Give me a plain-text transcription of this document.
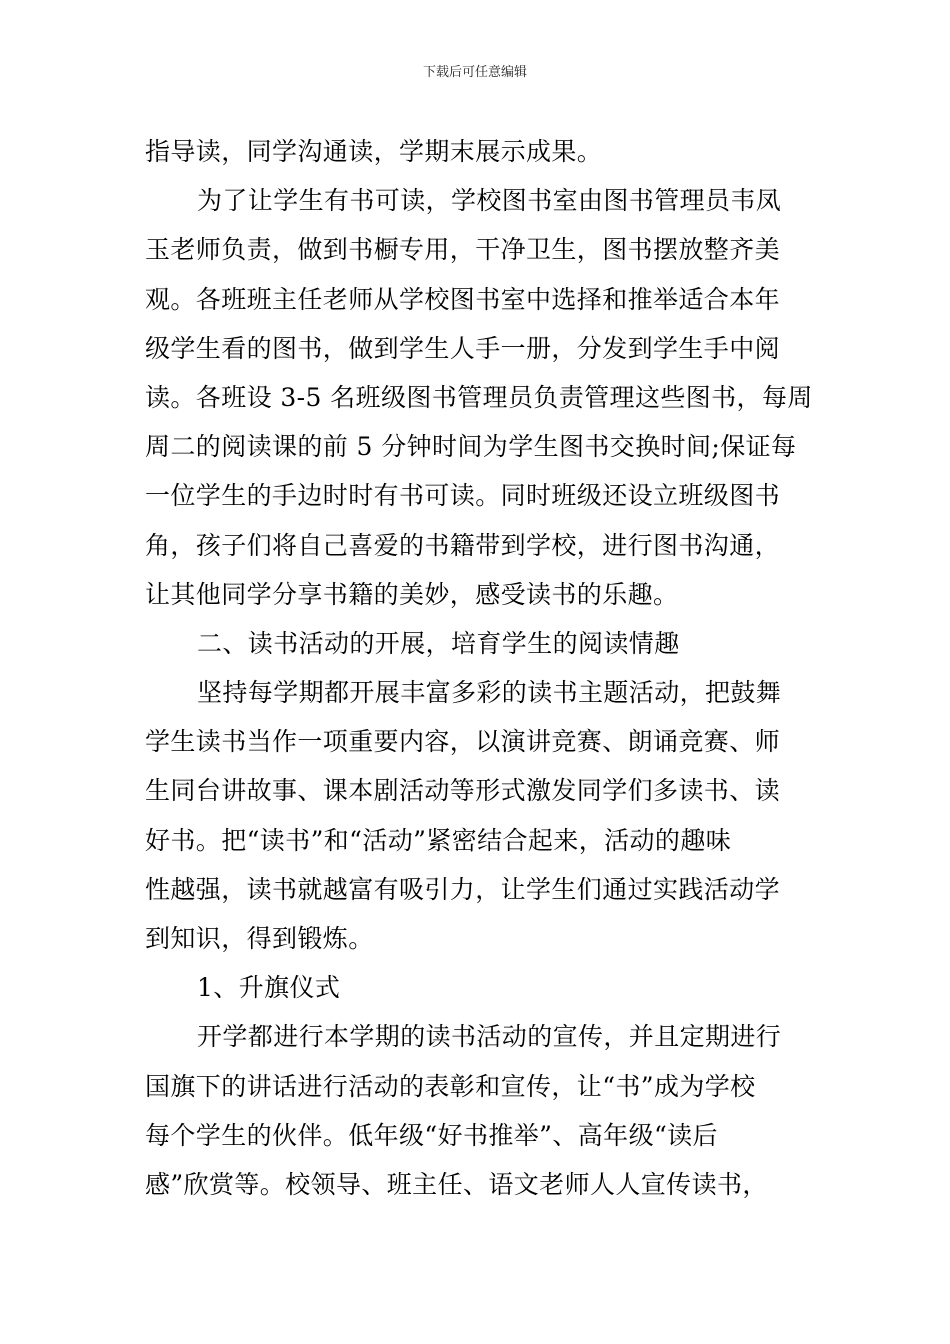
下载后可任意编辑
指导读，同学沟通读，学期末展示成果。
为了让学生有书可读，学校图书室由图书管理员韦凤
玉老师负责，做到书橱专用，干净卫生，图书摆放整齐美
观。各班班主任老师从学校图书室中选择和推举适合本年
级学生看的图书，做到学生人手一册，分发到学生手中阅
读。各班设 3-5 名班级图书管理员负责管理这些图书，每周
周二的阅读课的前 5 分钟时间为学生图书交换时间;保证每
一位学生的手边时时有书可读。同时班级还设立班级图书
角，孩子们将自己喜爱的书籍带到学校，进行图书沟通，
让其他同学分享书籍的美妙，感受读书的乐趣。
二、读书活动的开展，培育学生的阅读情趣
坚持每学期都开展丰富多彩的读书主题活动，把鼓舞
学生读书当作一项重要内容，以演讲竞赛、朗诵竞赛、师
生同台讲故事、课本剧活动等形式激发同学们多读书、读
好书。把“读书”和“活动”紧密结合起来，活动的趣味
性越强，读书就越富有吸引力，让学生们通过实践活动学
到知识，得到锻炼。
1、升旗仪式
开学都进行本学期的读书活动的宣传，并且定期进行
国旗下的讲话进行活动的表彰和宣传，让“书”成为学校
每个学生的伙伴。低年级“好书推举”、高年级“读后
感”欣赏等。校领导、班主任、语文老师人人宣传读书，
